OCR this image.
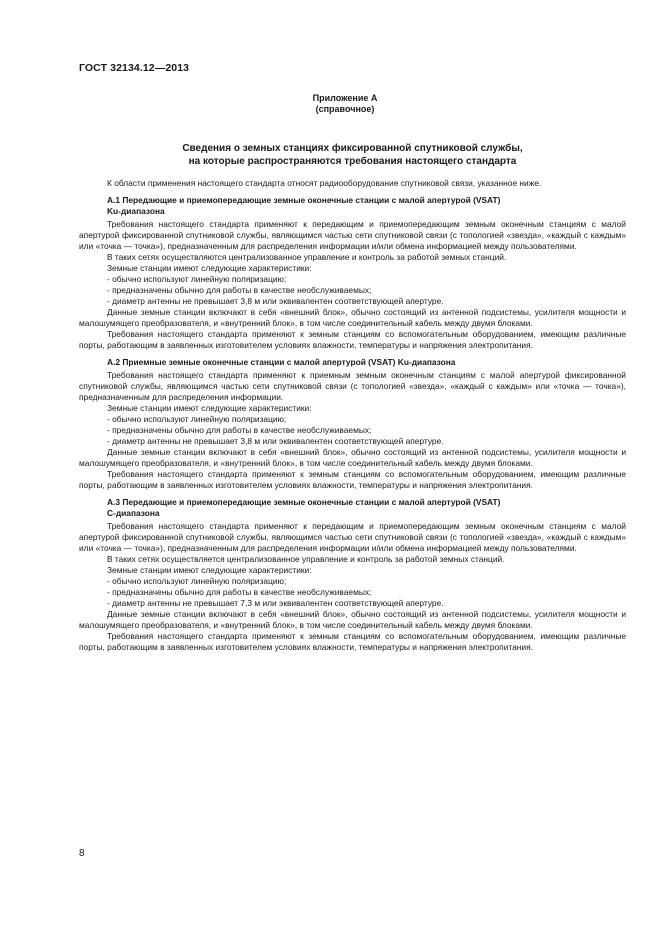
ГОСТ 32134.12—2013
Приложение А
(справочное)
Сведения о земных станциях фиксированной спутниковой службы,
на которые распространяются требования настоящего стандарта

К области применения настоящего стандарта относят радиооборудование спутниковой связи, указанное ниже.

А.1 Передающие и приемопередающие земные оконечные станции с малой апертурой (VSAT)

Ku-диапазона

Требования настоящего стандарта применяют к передающим и приемопередающим земным оконечным станциям с малой апертурой фиксированной спутниковой службы, являющимся частью сети спутниковой связи (с топологией «звезда», «каждый с каждым» или «точка — точка»), предназначенным для распределения информации и/или обмена информацией между пользователями.

В таких сетях осуществляются централизованное управление и контроль за работой земных станций.

Земные станции имеют следующие характеристики:

- обычно используют линейную поляризацию;

- предназначены обычно для работы в качестве необслуживаемых;

- диаметр антенны не превышает 3,8 м или эквивалентен соответствующей апертуре.

Данные земные станции включают в себя «внешний блок», обычно состоящий из антенной подсистемы, усилителя мощности и малошумящего преобразователя, и «внутренний блок», в том числе соединительный кабель между двумя блоками.

Требования настоящего стандарта применяют к земным станциям со вспомогательным оборудованием, имеющим различные порты, работающим в заявленных изготовителем условиях влажности, температуры и напряжения электропитания.

А.2 Приемные земные оконечные станции с малой апертурой (VSAT) Ku-диапазона

Требования настоящего стандарта применяют к приемным земным оконечным станциям с малой апертурой фиксированной спутниковой службы, являющимся частью сети спутниковой связи (с топологией «звезда», «каждый с каждым» или «точка — точка»), предназначенным для распределения информации.

Земные станции имеют следующие характеристики:

- обычно используют линейную поляризацию;

- предназначены обычно для работы в качестве необслуживаемых;

- диаметр антенны не превышает 3,8 м или эквивалентен соответствующей апертуре.

Данные земные станции включают в себя «внешний блок», обычно состоящий из антенной подсистемы, усилителя мощности и малошумящего преобразователя, и «внутренний блок», в том числе соединительный кабель между двумя блоками.

Требования настоящего стандарта применяют к земным станциям со вспомогательным оборудованием, имеющим различные порты, работающим в заявленных изготовителем условиях влажности, температуры и напряжения электропитания.

А.3 Передающие и приемопередающие земные оконечные станции с малой апертурой (VSAT)

С-диапазона

Требования настоящего стандарта применяют к передающим и приемопередающим земным оконечным станциям с малой апертурой фиксированной спутниковой службы, являющимся частью сети спутниковой связи (с топологией «звезда», «каждый с каждым» или «точка — точка»), предназначенным для распределения информации и/или обмена информацией между пользователями.

В таких сетях осуществляется централизованное управление и контроль за работой земных станций.

Земные станции имеют следующие характеристики:

- обычно используют линейную поляризацию;

- предназначены обычно для работы в качестве необслуживаемых;

- диаметр антенны не превышает 7,3 м или эквивалентен соответствующей апертуре.

Данные земные станции включают в себя «внешний блок», обычно состоящий из антенной подсистемы, усилителя мощности и малошумящего преобразователя, и «внутренний блок», в том числе соединительный кабель между двумя блоками.

Требования настоящего стандарта применяют к земным станциям со вспомогательным оборудованием, имеющим различные порты, работающим в заявленных изготовителем условиях влажности, температуры и напряжения электропитания.

8
